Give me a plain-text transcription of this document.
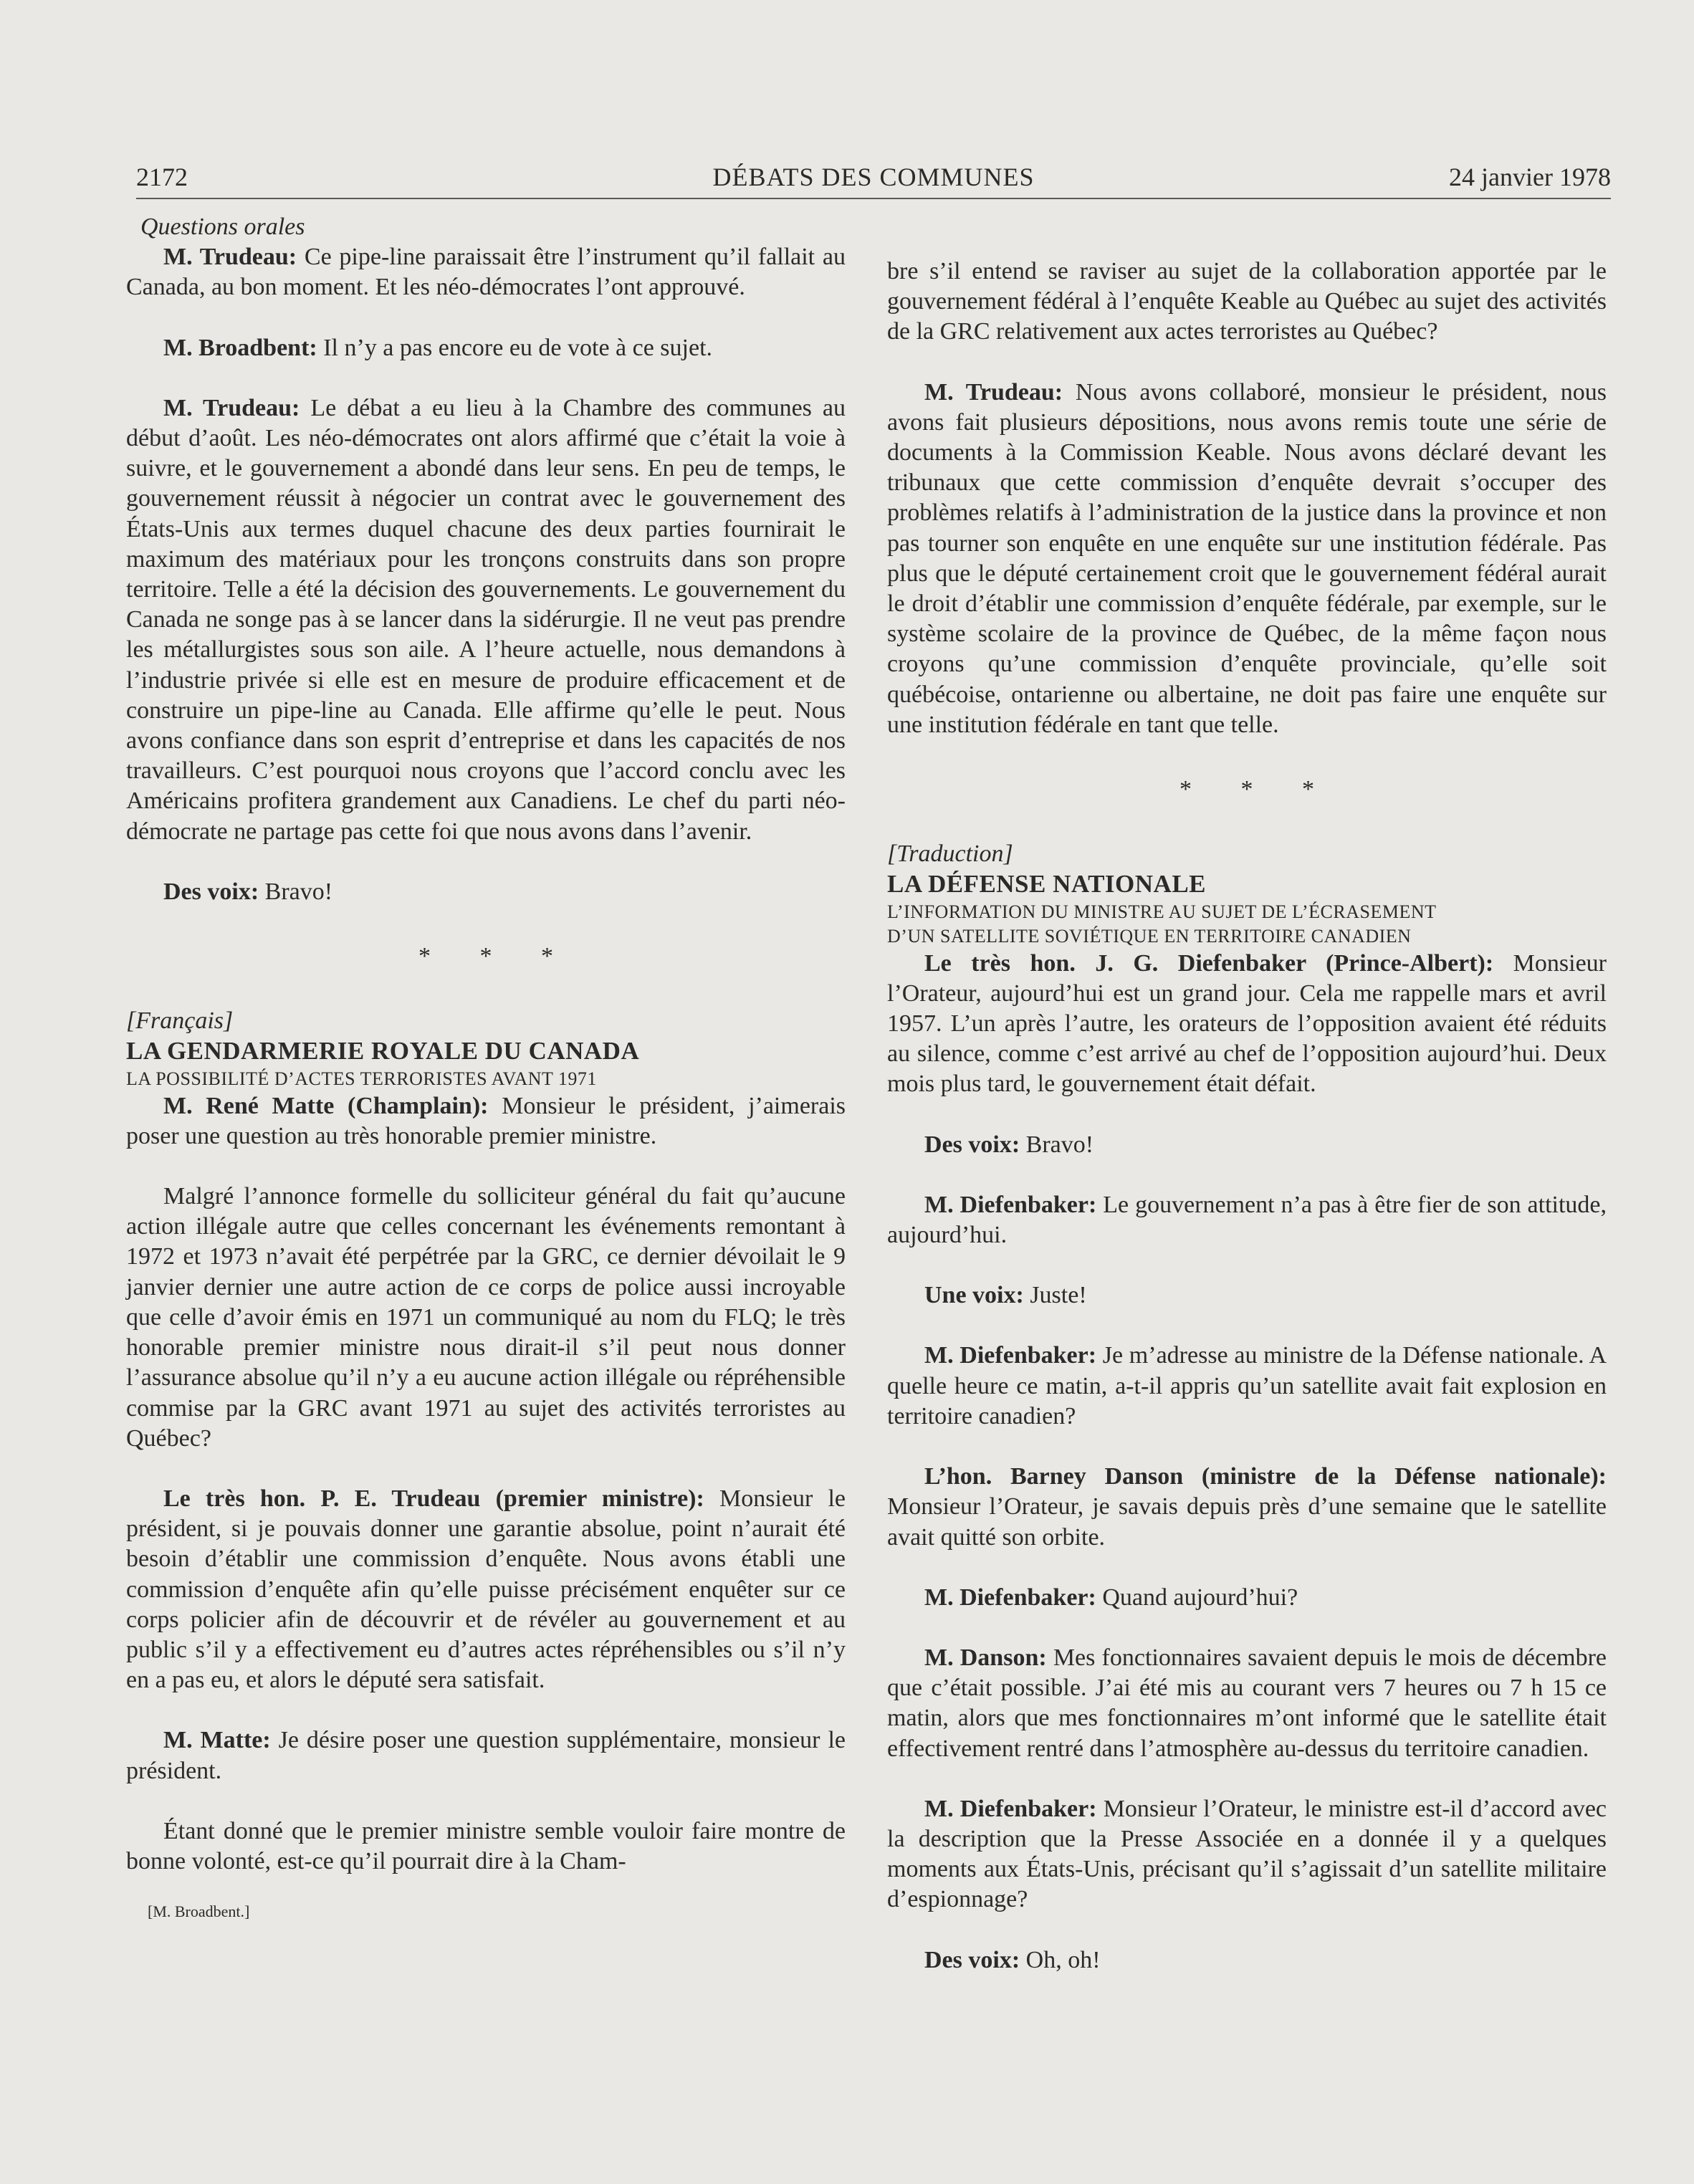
2172	DÉBATS DES COMMUNES	24 janvier 1978

Questions orales

M. Trudeau: Ce pipe-line paraissait être l’instrument qu’il fallait au Canada, au bon moment. Et les néo-démocrates l’ont approuvé.

M. Broadbent: Il n’y a pas encore eu de vote à ce sujet.

M. Trudeau: Le débat a eu lieu à la Chambre des communes au début d’août. Les néo-démocrates ont alors affirmé que c’était la voie à suivre, et le gouvernement a abondé dans leur sens. En peu de temps, le gouvernement réussit à négocier un contrat avec le gouvernement des États-Unis aux termes duquel chacune des deux parties fournirait le maximum des matériaux pour les tronçons construits dans son propre territoire. Telle a été la décision des gouvernements. Le gouvernement du Canada ne songe pas à se lancer dans la sidérurgie. Il ne veut pas prendre les métallurgistes sous son aile. A l’heure actuelle, nous demandons à l’industrie privée si elle est en mesure de produire efficacement et de construire un pipe-line au Canada. Elle affirme qu’elle le peut. Nous avons confiance dans son esprit d’entreprise et dans les capacités de nos travailleurs. C’est pourquoi nous croyons que l’accord conclu avec les Américains profitera grandement aux Canadiens. Le chef du parti néo-démocrate ne partage pas cette foi que nous avons dans l’avenir.

Des voix: Bravo!

* * *

[Français]

LA GENDARMERIE ROYALE DU CANADA

LA POSSIBILITÉ D’ACTES TERRORISTES AVANT 1971

M. René Matte (Champlain): Monsieur le président, j’aimerais poser une question au très honorable premier ministre.

Malgré l’annonce formelle du solliciteur général du fait qu’aucune action illégale autre que celles concernant les événements remontant à 1972 et 1973 n’avait été perpétrée par la GRC, ce dernier dévoilait le 9 janvier dernier une autre action de ce corps de police aussi incroyable que celle d’avoir émis en 1971 un communiqué au nom du FLQ; le très honorable premier ministre nous dirait-il s’il peut nous donner l’assurance absolue qu’il n’y a eu aucune action illégale ou répréhensible commise par la GRC avant 1971 au sujet des activités terroristes au Québec?

Le très hon. P. E. Trudeau (premier ministre): Monsieur le président, si je pouvais donner une garantie absolue, point n’aurait été besoin d’établir une commission d’enquête. Nous avons établi une commission d’enquête afin qu’elle puisse précisément enquêter sur ce corps policier afin de découvrir et de révéler au gouvernement et au public s’il y a effectivement eu d’autres actes répréhensibles ou s’il n’y en a pas eu, et alors le député sera satisfait.

M. Matte: Je désire poser une question supplémentaire, monsieur le président.

Étant donné que le premier ministre semble vouloir faire montre de bonne volonté, est-ce qu’il pourrait dire à la Cham-

[M. Broadbent.]

bre s’il entend se raviser au sujet de la collaboration apportée par le gouvernement fédéral à l’enquête Keable au Québec au sujet des activités de la GRC relativement aux actes terroristes au Québec?

M. Trudeau: Nous avons collaboré, monsieur le président, nous avons fait plusieurs dépositions, nous avons remis toute une série de documents à la Commission Keable. Nous avons déclaré devant les tribunaux que cette commission d’enquête devrait s’occuper des problèmes relatifs à l’administration de la justice dans la province et non pas tourner son enquête en une enquête sur une institution fédérale. Pas plus que le député certainement croit que le gouvernement fédéral aurait le droit d’établir une commission d’enquête fédérale, par exemple, sur le système scolaire de la province de Québec, de la même façon nous croyons qu’une commission d’enquête provinciale, qu’elle soit québécoise, ontarienne ou albertaine, ne doit pas faire une enquête sur une institution fédérale en tant que telle.

* * *

[Traduction]

LA DÉFENSE NATIONALE

L’INFORMATION DU MINISTRE AU SUJET DE L’ÉCRASEMENT
D’UN SATELLITE SOVIÉTIQUE EN TERRITOIRE CANADIEN

Le très hon. J. G. Diefenbaker (Prince-Albert): Monsieur l’Orateur, aujourd’hui est un grand jour. Cela me rappelle mars et avril 1957. L’un après l’autre, les orateurs de l’opposition avaient été réduits au silence, comme c’est arrivé au chef de l’opposition aujourd’hui. Deux mois plus tard, le gouvernement était défait.

Des voix: Bravo!

M. Diefenbaker: Le gouvernement n’a pas à être fier de son attitude, aujourd’hui.

Une voix: Juste!

M. Diefenbaker: Je m’adresse au ministre de la Défense nationale. A quelle heure ce matin, a-t-il appris qu’un satellite avait fait explosion en territoire canadien?

L’hon. Barney Danson (ministre de la Défense nationale): Monsieur l’Orateur, je savais depuis près d’une semaine que le satellite avait quitté son orbite.

M. Diefenbaker: Quand aujourd’hui?

M. Danson: Mes fonctionnaires savaient depuis le mois de décembre que c’était possible. J’ai été mis au courant vers 7 heures ou 7 h 15 ce matin, alors que mes fonctionnaires m’ont informé que le satellite était effectivement rentré dans l’atmosphère au-dessus du territoire canadien.

M. Diefenbaker: Monsieur l’Orateur, le ministre est-il d’accord avec la description que la Presse Associée en a donnée il y a quelques moments aux États-Unis, précisant qu’il s’agissait d’un satellite militaire d’espionnage?

Des voix: Oh, oh!
